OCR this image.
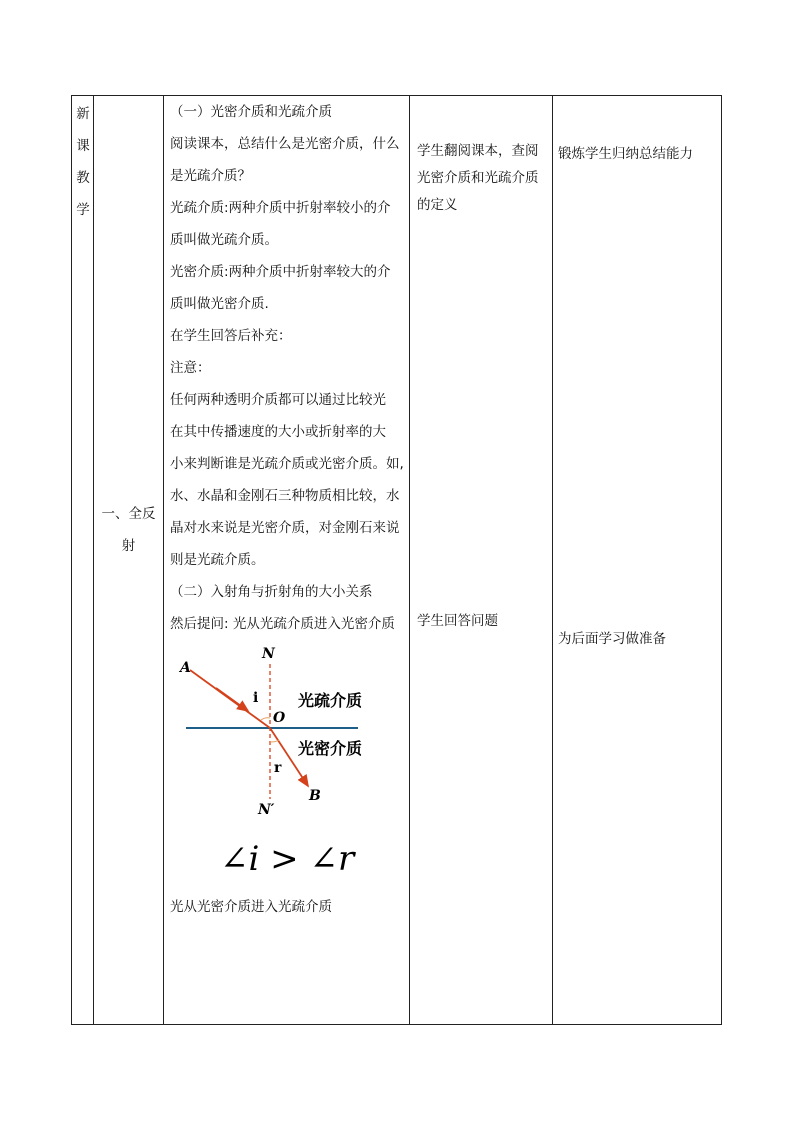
新
课
教
学
一、全反
射

（一）光密介质和光疏介质

阅读课本，总结什么是光密介质，什么

是光疏介质？

光疏介质:两种介质中折射率较小的介

质叫做光疏介质。

光密介质:两种介质中折射率较大的介

质叫做光密介质.

在学生回答后补充：

注意：

任何两种透明介质都可以通过比较光

在其中传播速度的大小或折射率的大

小来判断谁是光疏介质或光密介质。如,

水、水晶和金刚石三种物质相比较，水

晶对水来说是光密介质，对金刚石来说

则是光疏介质。

（二）入射角与折射角的大小关系

然后提问: 光从光疏介质进入光密介质

光从光密介质进入光疏介质

学生翻阅课本，查阅光密介质和光疏介质的定义
学生回答问题
锻炼学生归纳总结能力
为后面学习做准备
A
N
i
O
r
B
N′
光疏介质
光密介质
∠i > ∠r
